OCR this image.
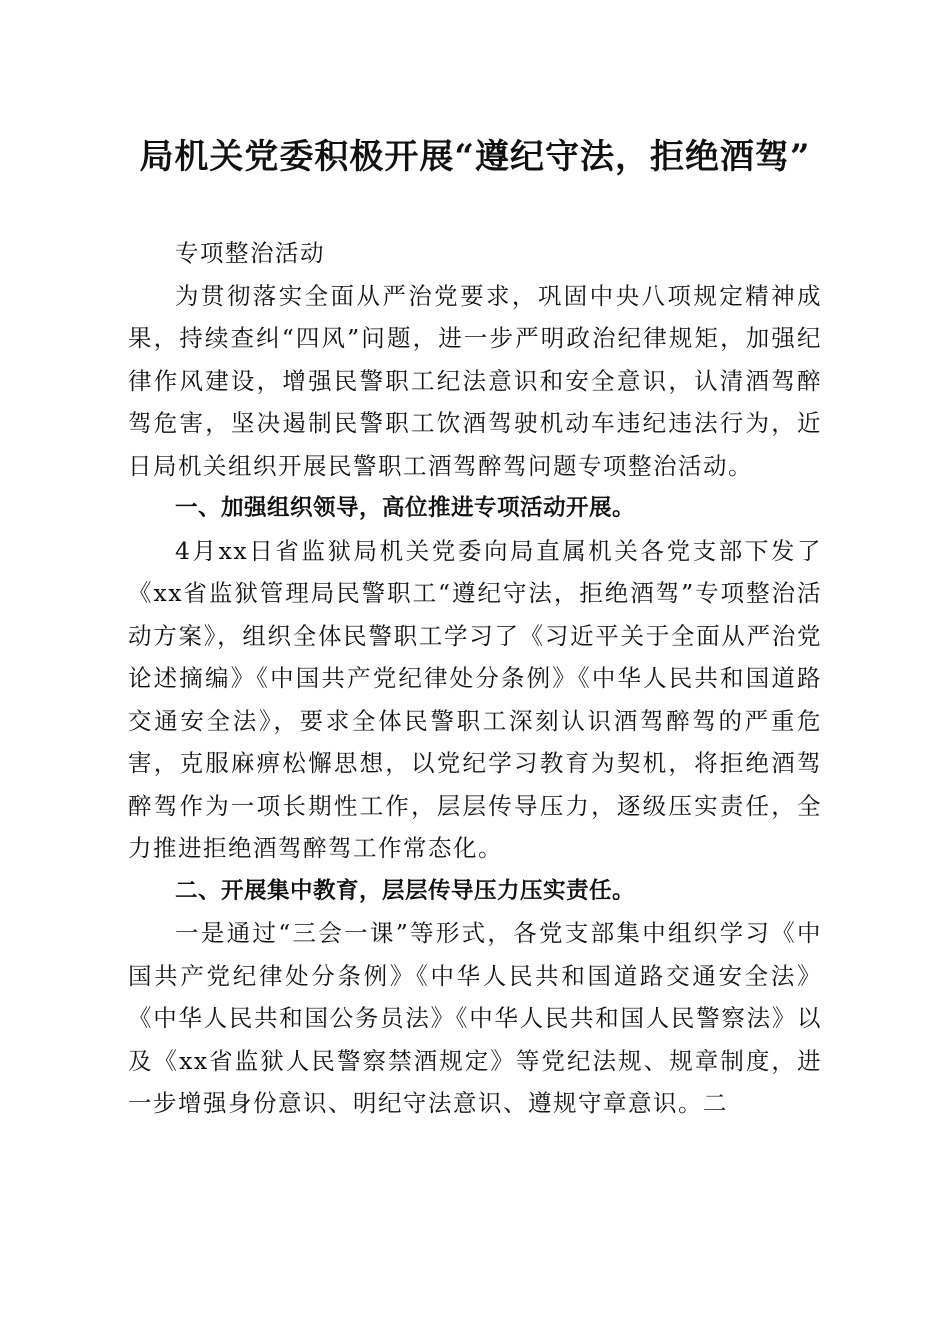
局机关党委积极开展“遵纪守法，拒绝酒驾”

专项整治活动

为贯彻落实全面从严治党要求，巩固中央八项规定精神成果，持续查纠“四风”问题，进一步严明政治纪律规矩，加强纪律作风建设，增强民警职工纪法意识和安全意识，认清酒驾醉驾危害，坚决遏制民警职工饮酒驾驶机动车违纪违法行为，近日局机关组织开展民警职工酒驾醉驾问题专项整治活动。

一、加强组织领导，高位推进专项活动开展。

4月xx日省监狱局机关党委向局直属机关各党支部下发了《xx省监狱管理局民警职工“遵纪守法，拒绝酒驾”专项整治活动方案》，组织全体民警职工学习了《习近平关于全面从严治党论述摘编》《中国共产党纪律处分条例》《中华人民共和国道路交通安全法》，要求全体民警职工深刻认识酒驾醉驾的严重危害，克服麻痹松懈思想，以党纪学习教育为契机，将拒绝酒驾醉驾作为一项长期性工作，层层传导压力，逐级压实责任，全力推进拒绝酒驾醉驾工作常态化。

二、开展集中教育，层层传导压力压实责任。

一是通过“三会一课”等形式，各党支部集中组织学习《中国共产党纪律处分条例》《中华人民共和国道路交通安全法》《中华人民共和国公务员法》《中华人民共和国人民警察法》以及《xx省监狱人民警察禁酒规定》等党纪法规、规章制度，进一步增强身份意识、明纪守法意识、遵规守章意识。二
